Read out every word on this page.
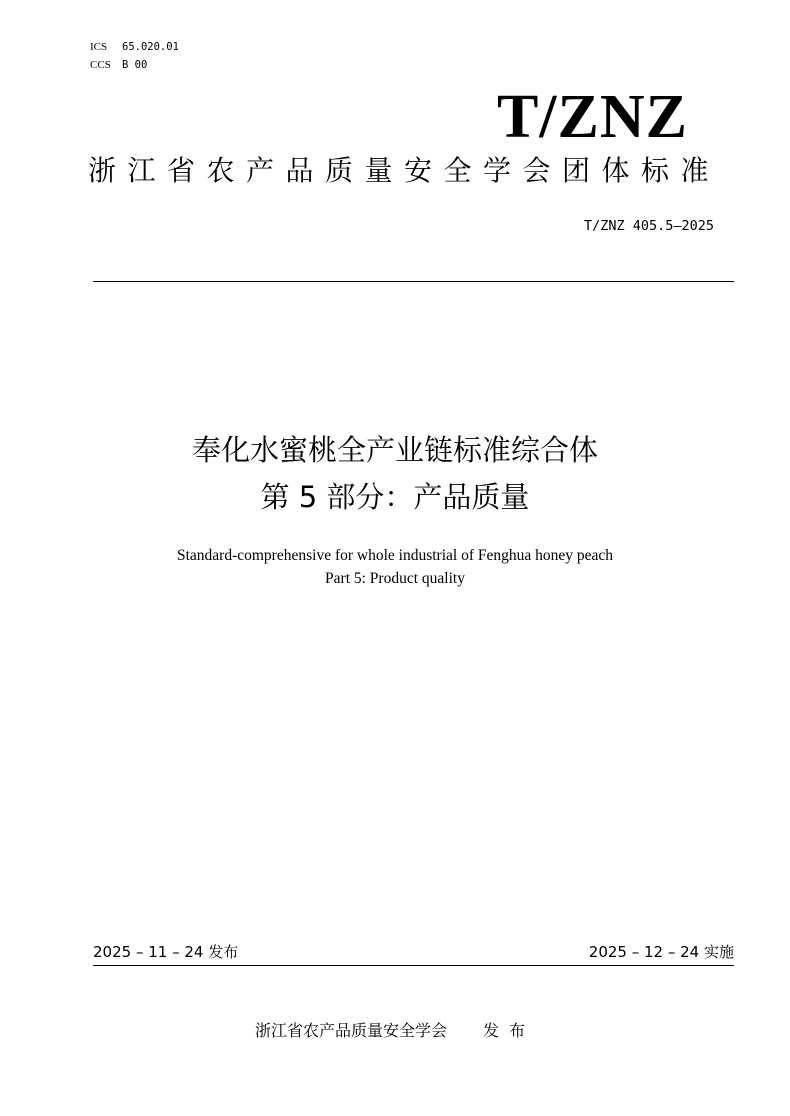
ICS 65.020.01
CCS B 00
T/ZNZ
浙江省农产品质量安全学会团体标准
T/ZNZ 405.5—2025
奉化水蜜桃全产业链标准综合体
第 5 部分：产品质量
Standard-comprehensive for whole industrial of Fenghua honey peach
Part 5: Product quality
2025 – 11 – 24 发布	2025 – 12 – 24 实施
浙江省农产品质量安全学会 发布
